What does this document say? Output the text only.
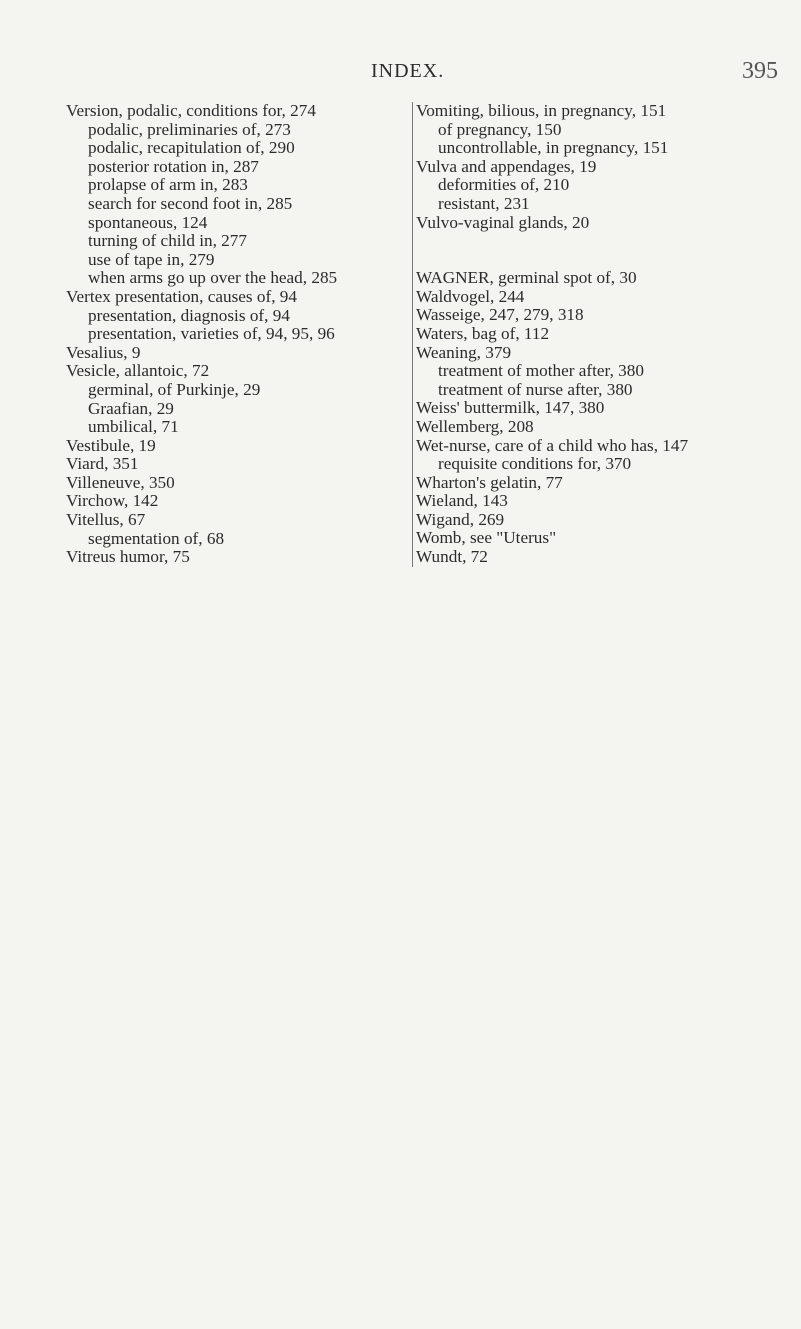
INDEX.	395
Version, podalic, conditions for, 274
podalic, preliminaries of, 273
podalic, recapitulation of, 290
posterior rotation in, 287
prolapse of arm in, 283
search for second foot in, 285
spontaneous, 124
turning of child in, 277
use of tape in, 279
when arms go up over the head, 285
Vertex presentation, causes of, 94
presentation, diagnosis of, 94
presentation, varieties of, 94, 95, 96
Vesalius, 9
Vesicle, allantoic, 72
germinal, of Purkinje, 29
Graafian, 29
umbilical, 71
Vestibule, 19
Viard, 351
Villeneuve, 350
Virchow, 142
Vitellus, 67
segmentation of, 68
Vitreus humor, 75
Vomiting, bilious, in pregnancy, 151
of pregnancy, 150
uncontrollable, in pregnancy, 151
Vulva and appendages, 19
deformities of, 210
resistant, 231
Vulvo-vaginal glands, 20
WAGNER, germinal spot of, 30
Waldvogel, 244
Wasseige, 247, 279, 318
Waters, bag of, 112
Weaning, 379
treatment of mother after, 380
treatment of nurse after, 380
Weiss' buttermilk, 147, 380
Wellemberg, 208
Wet-nurse, care of a child who has, 147
requisite conditions for, 370
Wharton's gelatin, 77
Wieland, 143
Wigand, 269
Womb, see "Uterus"
Wundt, 72
